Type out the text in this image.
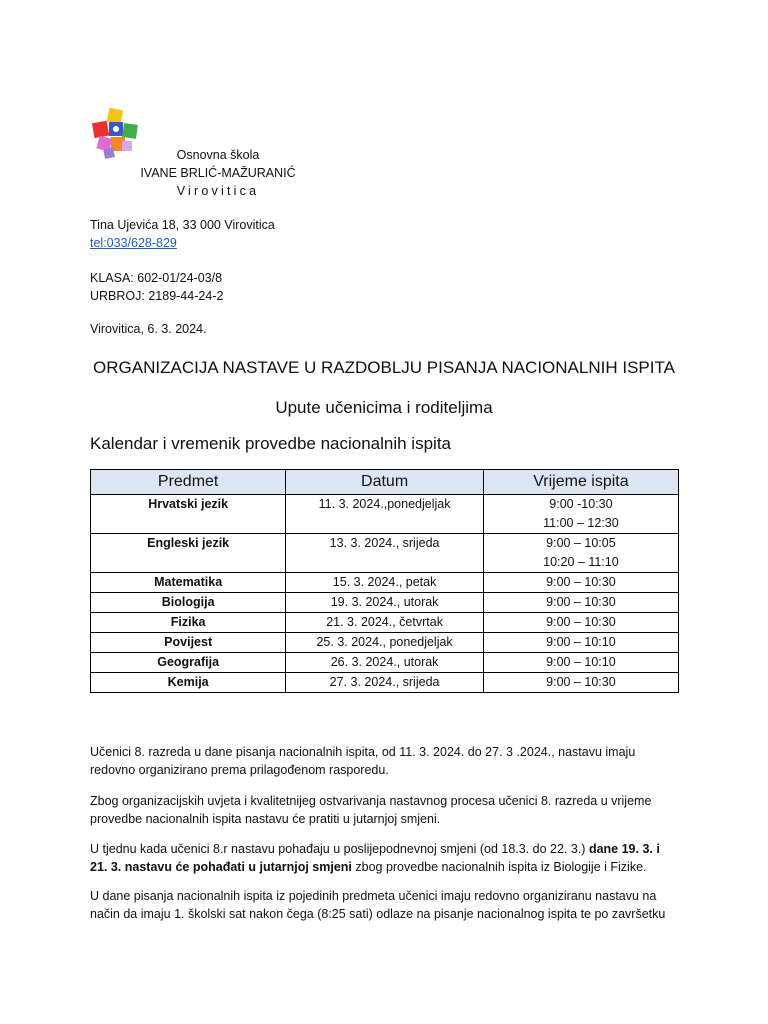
Osnovna škola
IVANE BRLIĆ-MAŽURANIĆ
Virovitica
Tina Ujevića 18, 33 000 Virovitica
tel:033/628-829
KLASA: 602-01/24-03/8
URBROJ: 2189-44-24-2
Virovitica, 6. 3. 2024.
ORGANIZACIJA NASTAVE U RAZDOBLJU PISANJA NACIONALNIH ISPITA
Upute učenicima i roditeljima
Kalendar i vremenik provedbe nacionalnih ispita
Predmet	Datum	Vrijeme ispita
Hrvatski jezik	11. 3. 2024.,ponedjeljak	9:00 -10:30
11:00 – 12:30

Engleski jezik	13. 3. 2024., srijeda	9:00 – 10:05
10:20 – 11:10

Matematika	15. 3. 2024., petak	9:00 – 10:30

Biologija	19. 3. 2024., utorak	9:00 – 10:30

Fizika	21. 3. 2024., četvrtak	9:00 – 10:30

Povijest	25. 3. 2024., ponedjeljak	9:00 – 10:10

Geografija	26. 3. 2024., utorak	9:00 – 10:10

Kemija	27. 3. 2024., srijeda	9:00 – 10:30
Učenici 8. razreda u dane pisanja nacionalnih ispita, od 11. 3. 2024. do 27. 3 .2024., nastavu imaju redovno organizirano prema prilagođenom rasporedu.
Zbog organizacijskih uvjeta i kvalitetnijeg ostvarivanja nastavnog procesa učenici 8. razreda u vrijeme provedbe nacionalnih ispita nastavu će pratiti u jutarnjoj smjeni.
U tjednu kada učenici 8.r nastavu pohađaju u poslijepodnevnoj smjeni (od 18.3. do 22. 3.) dane 19. 3. i 21. 3. nastavu će pohađati u jutarnjoj smjeni zbog provedbe nacionalnih ispita iz Biologije i Fizike.
U dane pisanja nacionalnih ispita iz pojedinih predmeta učenici imaju redovno organiziranu nastavu na način da imaju 1. školski sat nakon čega (8:25 sati) odlaze na pisanje nacionalnog ispita te po završetku
